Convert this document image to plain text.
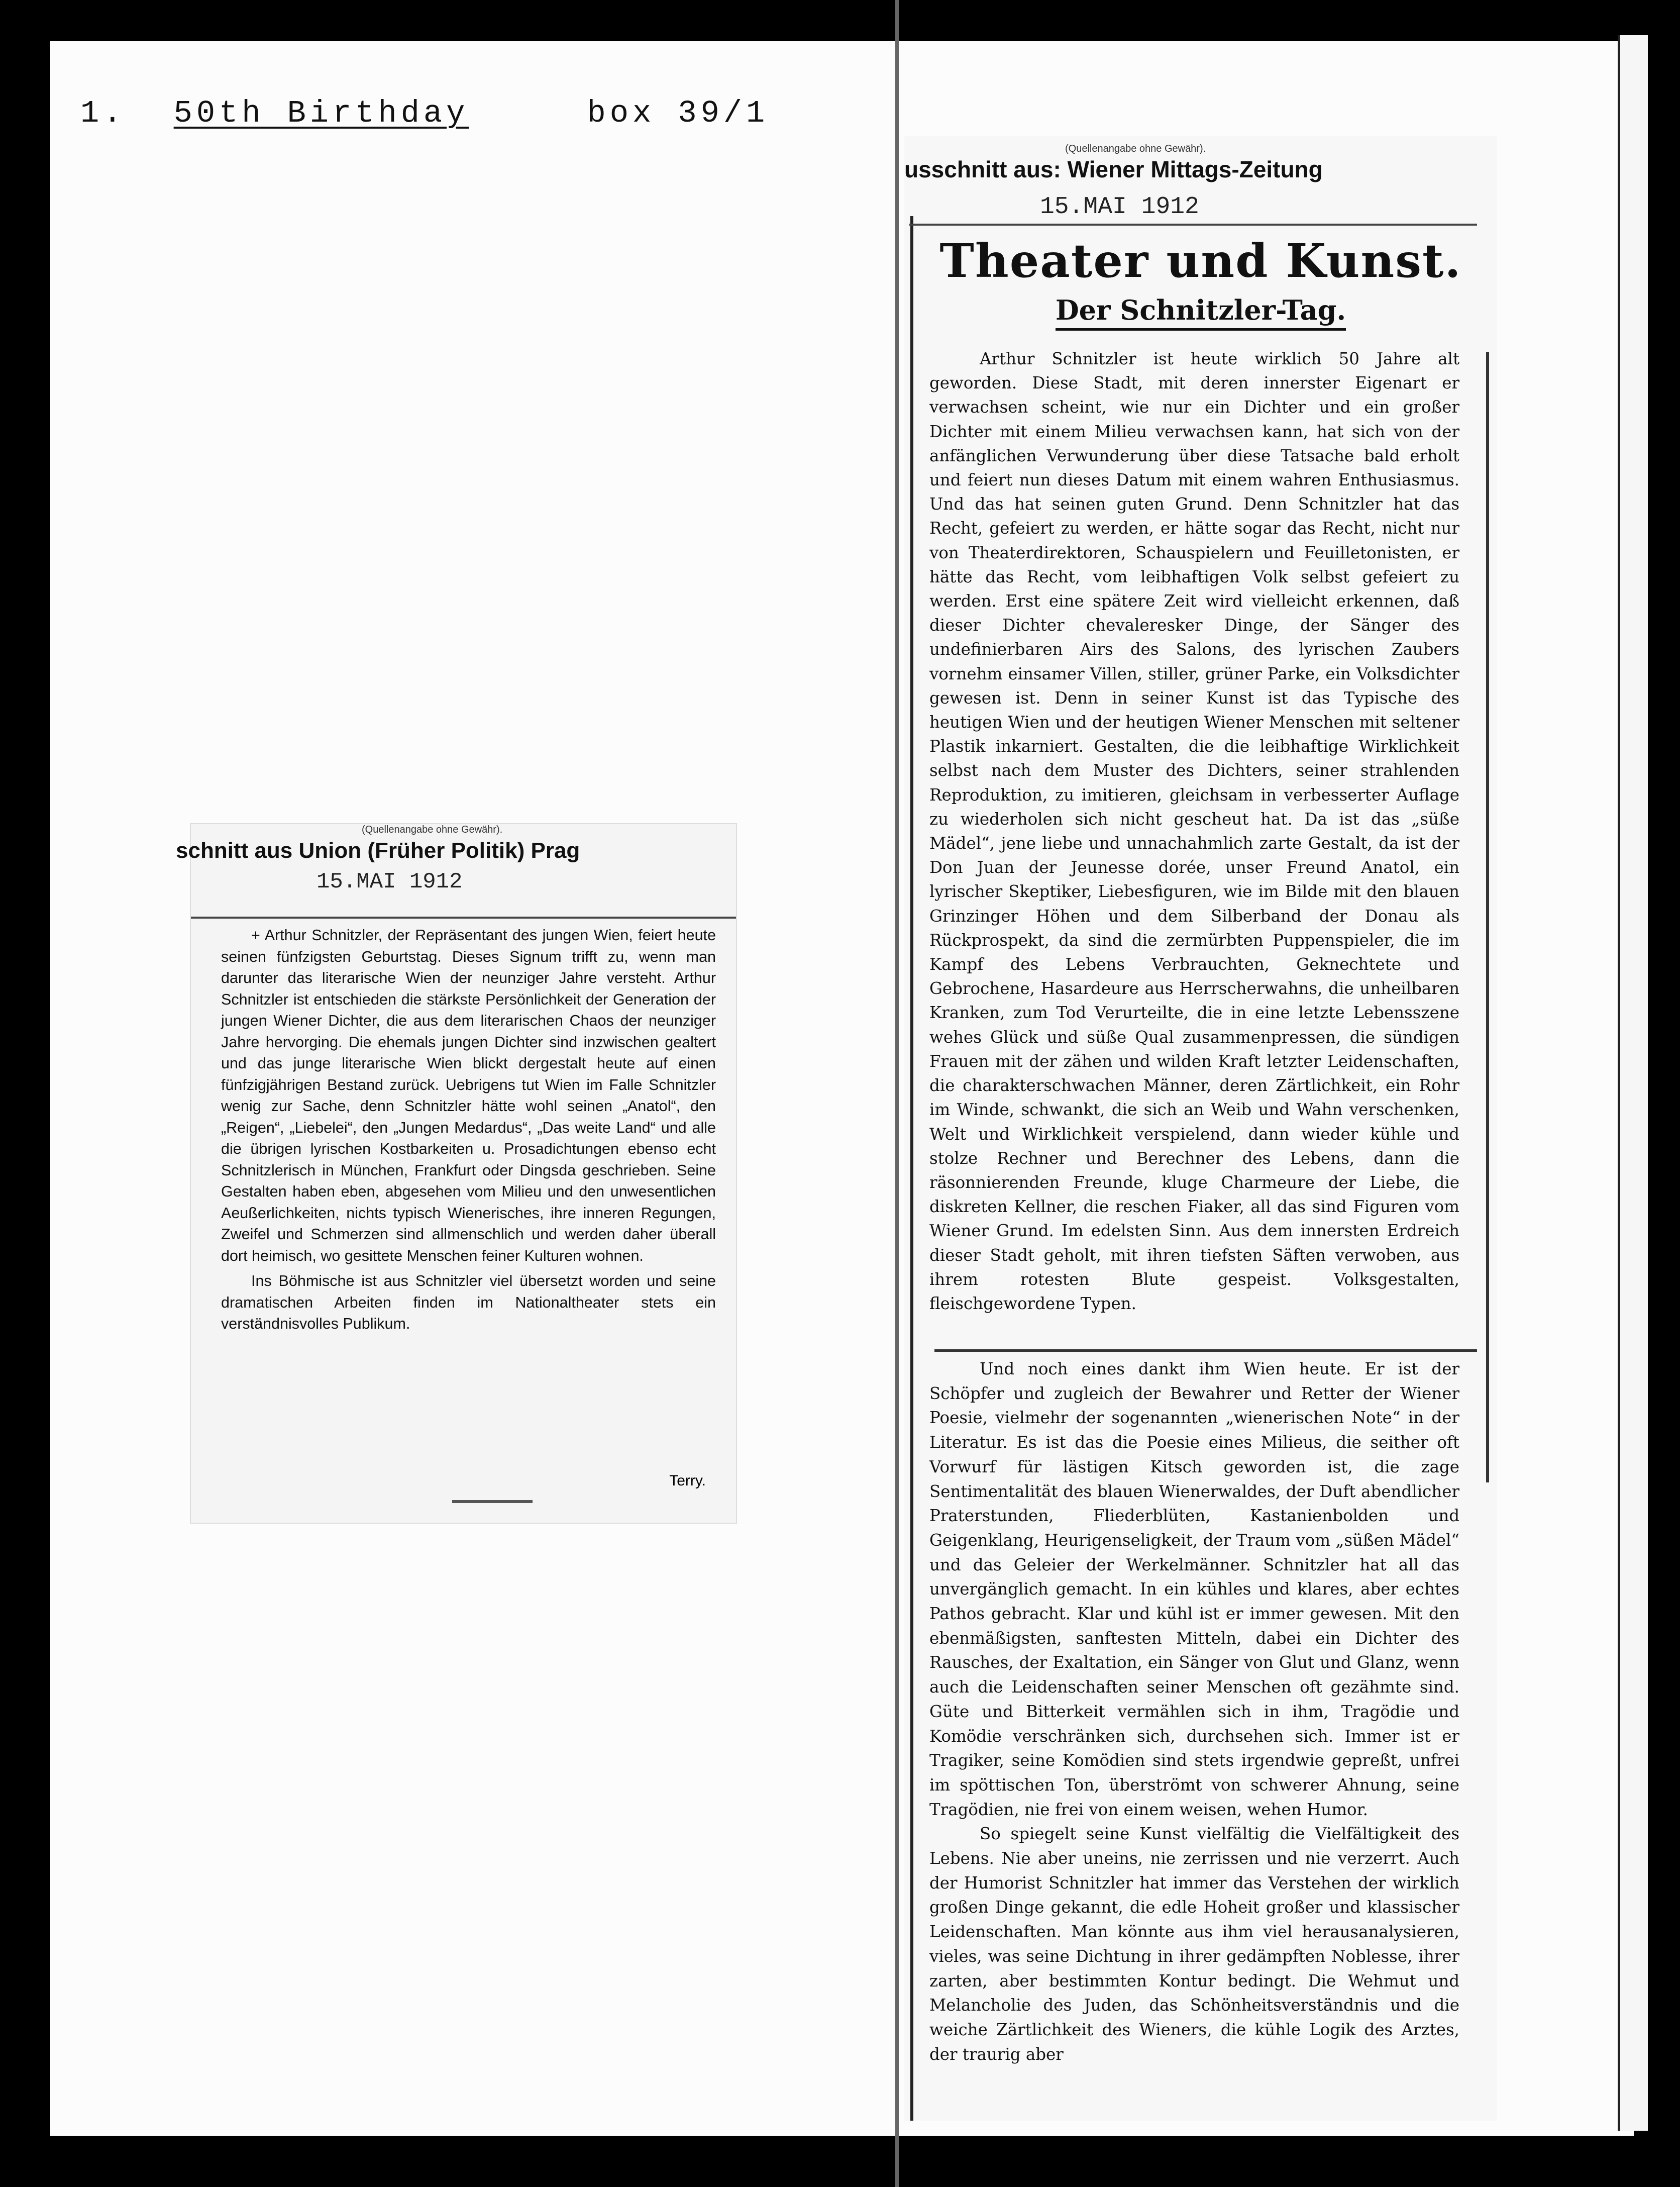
1. 50th Birthday	box 39/1
(Quellenangabe ohne Gewähr).
schnitt aus Union (Früher Politik) Prag
15.MAI 1912

+ Arthur Schnitzler, der Repräsentant des jungen Wien, feiert heute seinen fünfzigsten Geburtstag. Dieses Signum trifft zu, wenn man darunter das literarische Wien der neunziger Jahre versteht. Arthur Schnitzler ist entschieden die stärkste Persönlichkeit der Generation der jungen Wiener Dichter, die aus dem literarischen Chaos der neunziger Jahre hervorging. Die ehemals jungen Dichter sind inzwischen gealtert und das junge literarische Wien blickt dergestalt heute auf einen fünfzigjährigen Bestand zurück. Uebrigens tut Wien im Falle Schnitzler wenig zur Sache, denn Schnitzler hätte wohl seinen „Anatol“, den „Reigen“, „Liebelei“, den „Jungen Medardus“, „Das weite Land“ und alle die übrigen lyrischen Kostbarkeiten u. Prosadichtungen ebenso echt Schnitzlerisch in München, Frankfurt oder Dingsda geschrieben. Seine Gestalten haben eben, abgesehen vom Milieu und den unwesentlichen Aeußerlichkeiten, nichts typisch Wienerisches, ihre inneren Regungen, Zweifel und Schmerzen sind allmenschlich und werden daher überall dort heimisch, wo gesittete Menschen feiner Kulturen wohnen.

Ins Böhmische ist aus Schnitzler viel übersetzt worden und seine dramatischen Arbeiten finden im Nationaltheater stets ein verständnisvolles Publikum.

Terry.
(Quellenangabe ohne Gewähr).
usschnitt aus: Wiener Mittags-Zeitung
15.MAI 1912
Theater und Kunst.
Der Schnitzler-Tag.

Arthur Schnitzler ist heute wirklich 50 Jahre alt geworden. Diese Stadt, mit deren innerster Eigenart er verwachsen scheint, wie nur ein Dichter und ein großer Dichter mit einem Milieu verwachsen kann, hat sich von der anfänglichen Verwunderung über diese Tatsache bald erholt und feiert nun dieses Datum mit einem wahren Enthusiasmus. Und das hat seinen guten Grund. Denn Schnitzler hat das Recht, gefeiert zu werden, er hätte sogar das Recht, nicht nur von Theaterdirektoren, Schauspielern und Feuilletonisten, er hätte das Recht, vom leibhaftigen Volk selbst gefeiert zu werden. Erst eine spätere Zeit wird vielleicht erkennen, daß dieser Dichter chevaleresker Dinge, der Sänger des undefinierbaren Airs des Salons, des lyrischen Zaubers vornehm einsamer Villen, stiller, grüner Parke, ein Volksdichter gewesen ist. Denn in seiner Kunst ist das Typische des heutigen Wien und der heutigen Wiener Menschen mit seltener Plastik inkarniert. Gestalten, die die leibhaftige Wirklichkeit selbst nach dem Muster des Dichters, seiner strahlenden Reproduktion, zu imitieren, gleichsam in verbesserter Auflage zu wiederholen sich nicht gescheut hat. Da ist das „süße Mädel“, jene liebe und unnachahmlich zarte Gestalt, da ist der Don Juan der Jeunesse dorée, unser Freund Anatol, ein lyrischer Skeptiker, Liebesfiguren, wie im Bilde mit den blauen Grinzinger Höhen und dem Silberband der Donau als Rückprospekt, da sind die zermürbten Puppenspieler, die im Kampf des Lebens Verbrauchten, Geknechtete und Gebrochene, Hasardeure aus Herrscherwahns, die unheilbaren Kranken, zum Tod Verurteilte, die in eine letzte Lebensszene wehes Glück und süße Qual zusammenpressen, die sündigen Frauen mit der zähen und wilden Kraft letzter Leidenschaften, die charakterschwachen Männer, deren Zärtlichkeit, ein Rohr im Winde, schwankt, die sich an Weib und Wahn verschenken, Welt und Wirklichkeit verspielend, dann wieder kühle und stolze Rechner und Berechner des Lebens, dann die räsonnierenden Freunde, kluge Charmeure der Liebe, die diskreten Kellner, die reschen Fiaker, all das sind Figuren vom Wiener Grund. Im edelsten Sinn. Aus dem innersten Erdreich dieser Stadt geholt, mit ihren tiefsten Säften verwoben, aus ihrem rotesten Blute gespeist. Volksgestalten, fleischgewordene Typen.

Und noch eines dankt ihm Wien heute. Er ist der Schöpfer und zugleich der Bewahrer und Retter der Wiener Poesie, vielmehr der sogenannten „wienerischen Note“ in der Literatur. Es ist das die Poesie eines Milieus, die seither oft Vorwurf für lästigen Kitsch geworden ist, die zage Sentimentalität des blauen Wienerwaldes, der Duft abendlicher Praterstunden, Fliederblüten, Kastanienbolden und Geigenklang, Heurigenseligkeit, der Traum vom „süßen Mädel“ und das Geleier der Werkelmänner. Schnitzler hat all das unvergänglich gemacht. In ein kühles und klares, aber echtes Pathos gebracht. Klar und kühl ist er immer gewesen. Mit den ebenmäßigsten, sanftesten Mitteln, dabei ein Dichter des Rausches, der Exaltation, ein Sänger von Glut und Glanz, wenn auch die Leidenschaften seiner Menschen oft gezähmte sind. Güte und Bitterkeit vermählen sich in ihm, Tragödie und Komödie verschränken sich, durchsehen sich. Immer ist er Tragiker, seine Komödien sind stets irgendwie gepreßt, unfrei im spöttischen Ton, überströmt von schwerer Ahnung, seine Tragödien, nie frei von einem weisen, wehen Humor.

So spiegelt seine Kunst vielfältig die Vielfältigkeit des Lebens. Nie aber uneins, nie zerrissen und nie verzerrt. Auch der Humorist Schnitzler hat immer das Verstehen der wirklich großen Dinge gekannt, die edle Hoheit großer und klassischer Leidenschaften. Man könnte aus ihm viel herausanalysieren, vieles, was seine Dichtung in ihrer gedämpften Noblesse, ihrer zarten, aber bestimmten Kontur bedingt. Die Wehmut und Melancholie des Juden, das Schönheitsverständnis und die weiche Zärtlichkeit des Wieners, die kühle Logik des Arztes, der traurig aber
